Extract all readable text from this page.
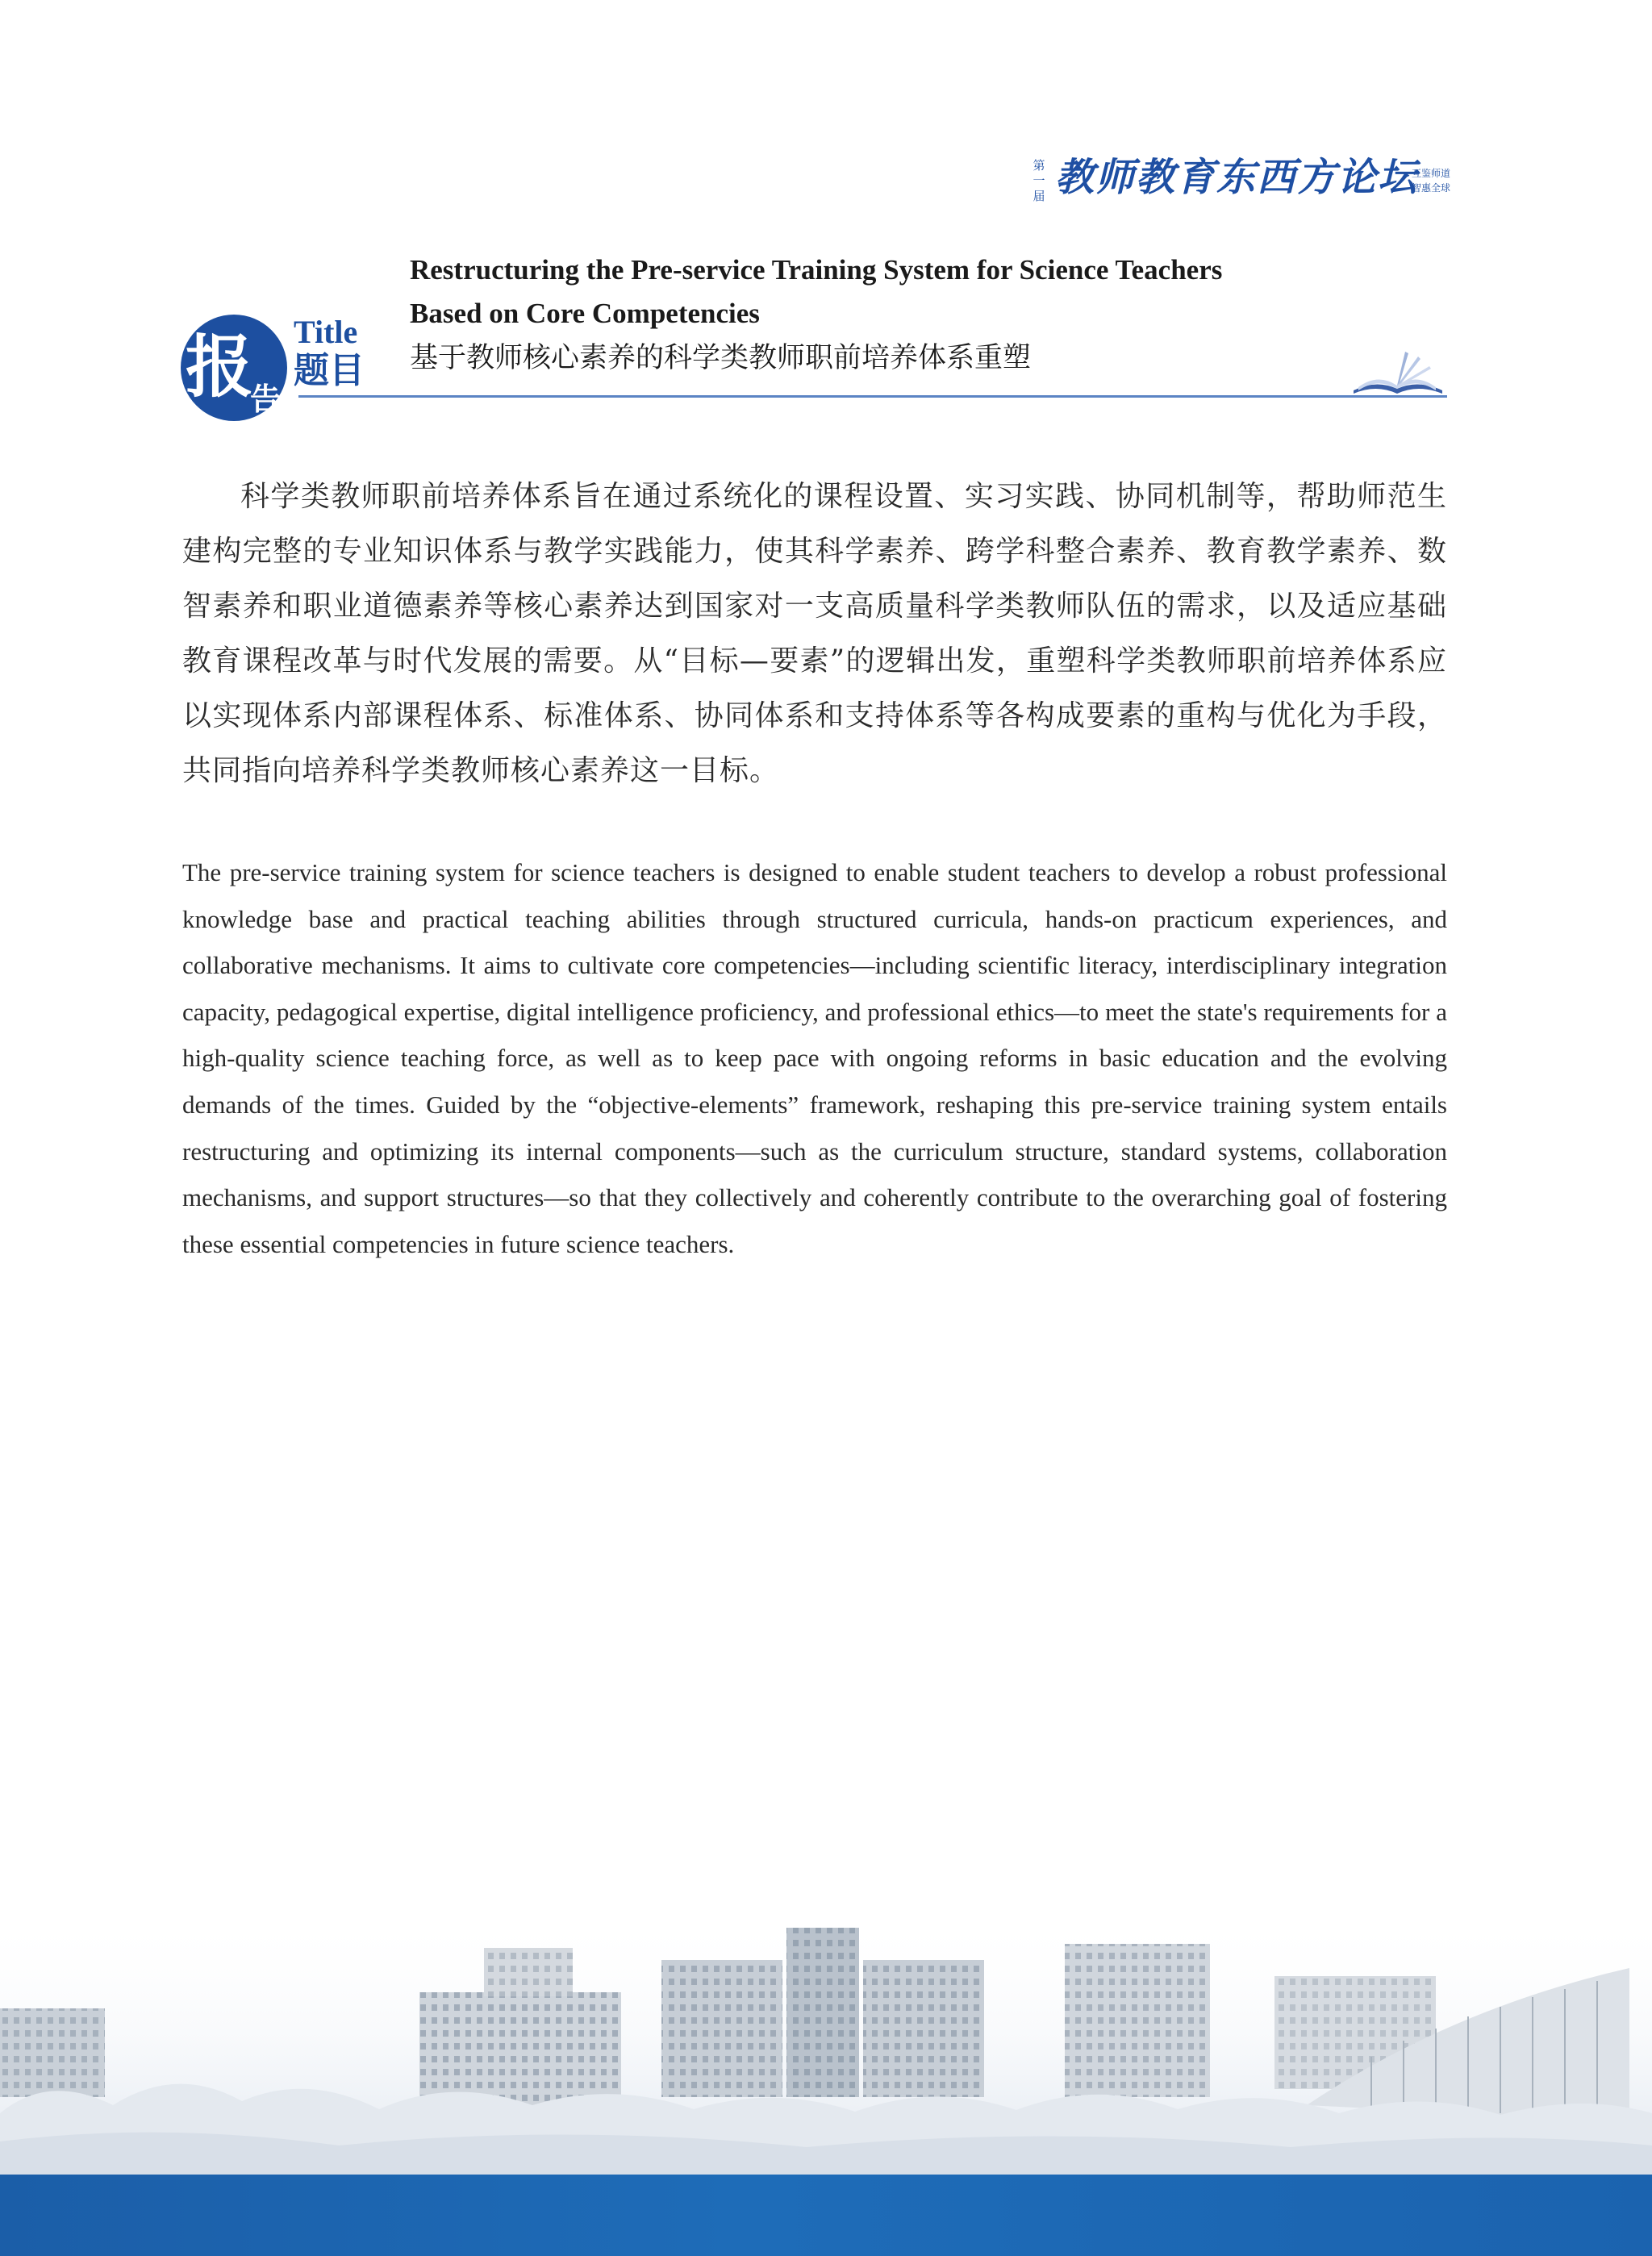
第一届 教师教育东西方论坛
互鉴师道
智惠全球
报
告
Title
题目
Restructuring the Pre-service Training System for Science Teachers
Based on Core Competencies
基于教师核心素养的科学类教师职前培养体系重塑

科学类教师职前培养体系旨在通过系统化的课程设置、实习实践、协同机制等，帮助师范生建构完整的专业知识体系与教学实践能力，使其科学素养、跨学科整合素养、教育教学素养、数智素养和职业道德素养等核心素养达到国家对一支高质量科学类教师队伍的需求，以及适应基础教育课程改革与时代发展的需要。从“目标—要素”的逻辑出发，重塑科学类教师职前培养体系应以实现体系内部课程体系、标准体系、协同体系和支持体系等各构成要素的重构与优化为手段，共同指向培养科学类教师核心素养这一目标。

The pre-service training system for science teachers is designed to enable student teachers to develop a robust professional knowledge base and practical teaching abilities through structured curricula, hands-on practicum experiences, and collaborative mechanisms. It aims to cultivate core competencies—including scientific literacy, interdisciplinary integration capacity, pedagogical expertise, digital intelligence proficiency, and professional ethics—to meet the state's requirements for a high-quality science teaching force, as well as to keep pace with ongoing reforms in basic education and the evolving demands of the times. Guided by the “objective-elements” framework, reshaping this pre-service training system entails restructuring and optimizing its internal components—such as the curriculum structure, standard systems, collaboration mechanisms, and support structures—so that they collectively and coherently contribute to the overarching goal of fostering these essential competencies in future science teachers.
